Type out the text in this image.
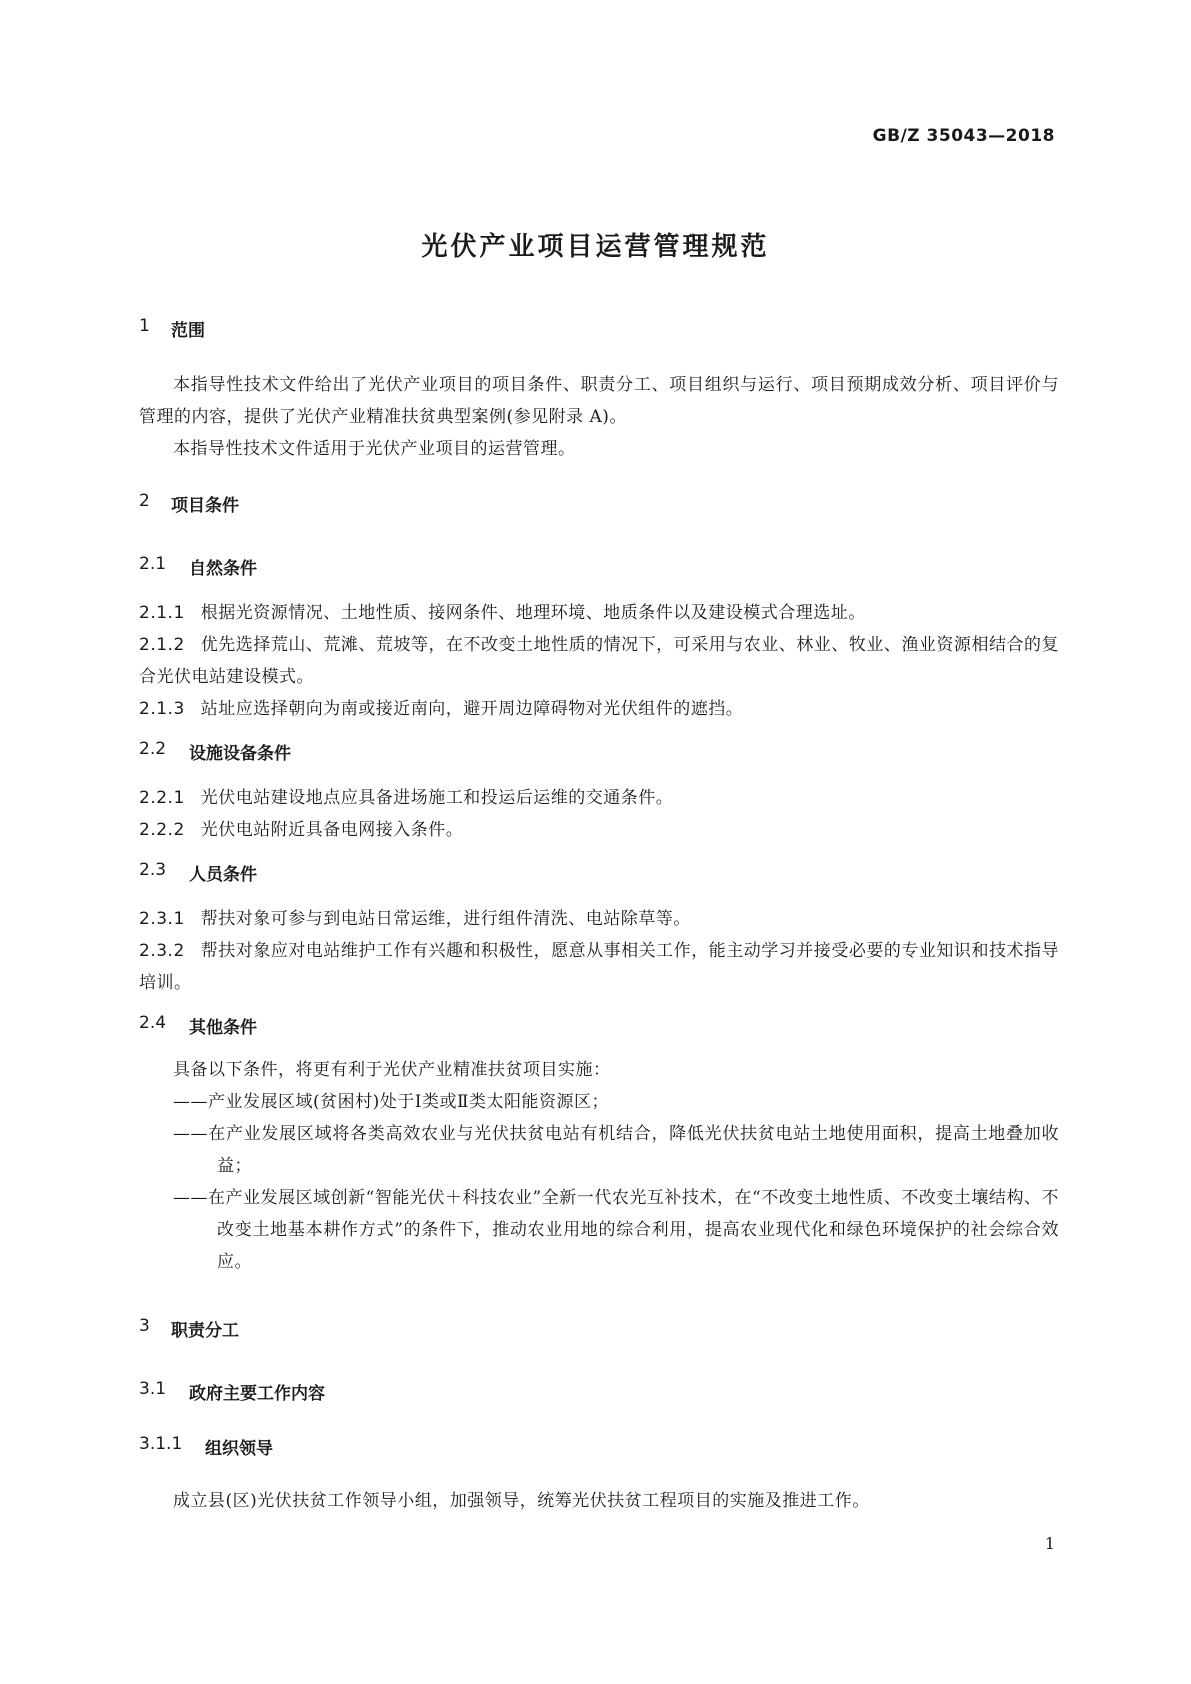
GB/Z 35043—2018
光伏产业项目运营管理规范
1	范围

本指导性技术文件给出了光伏产业项目的项目条件、职责分工、项目组织与运行、项目预期成效分析、项目评价与管理的内容，提供了光伏产业精准扶贫典型案例(参见附录 A)。

本指导性技术文件适用于光伏产业项目的运营管理。

2	项目条件
2.1	自然条件

2.1.1 根据光资源情况、土地性质、接网条件、地理环境、地质条件以及建设模式合理选址。

2.1.2 优先选择荒山、荒滩、荒坡等，在不改变土地性质的情况下，可采用与农业、林业、牧业、渔业资源相结合的复合光伏电站建设模式。

2.1.3 站址应选择朝向为南或接近南向，避开周边障碍物对光伏组件的遮挡。

2.2	设施设备条件

2.2.1 光伏电站建设地点应具备进场施工和投运后运维的交通条件。

2.2.2 光伏电站附近具备电网接入条件。

2.3	人员条件

2.3.1 帮扶对象可参与到电站日常运维，进行组件清洗、电站除草等。

2.3.2 帮扶对象应对电站维护工作有兴趣和积极性，愿意从事相关工作，能主动学习并接受必要的专业知识和技术指导培训。

2.4	其他条件

具备以下条件，将更有利于光伏产业精准扶贫项目实施：

——产业发展区域(贫困村)处于Ⅰ类或Ⅱ类太阳能资源区；

——在产业发展区域将各类高效农业与光伏扶贫电站有机结合，降低光伏扶贫电站土地使用面积，提高土地叠加收益；

——在产业发展区域创新“智能光伏＋科技农业”全新一代农光互补技术，在“不改变土地性质、不改变土壤结构、不改变土地基本耕作方式”的条件下，推动农业用地的综合利用，提高农业现代化和绿色环境保护的社会综合效应。

3	职责分工
3.1	政府主要工作内容
3.1.1	组织领导

成立县(区)光伏扶贫工作领导小组，加强领导，统筹光伏扶贫工程项目的实施及推进工作。

1
